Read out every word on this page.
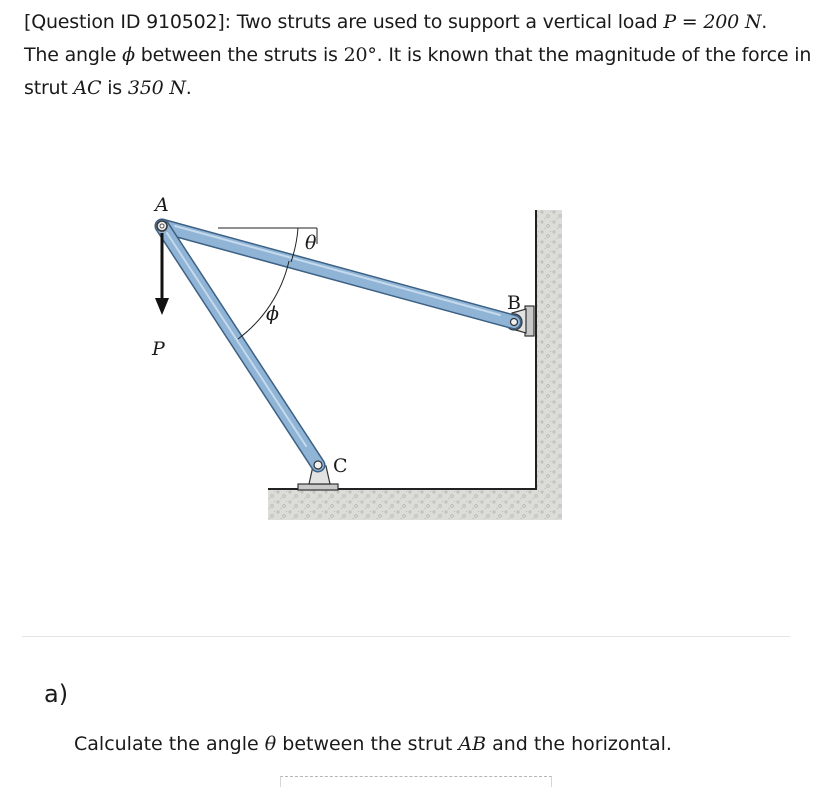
[Question ID 910502]: Two struts are used to support a vertical load P = 200 N.
The angle ϕ between the struts is 20°. It is known that the magnitude of the force in
strut AC is 350 N.
A
θ
ϕ
P
B
C
a)
Calculate the angle θ between the strut AB and the horizontal.
